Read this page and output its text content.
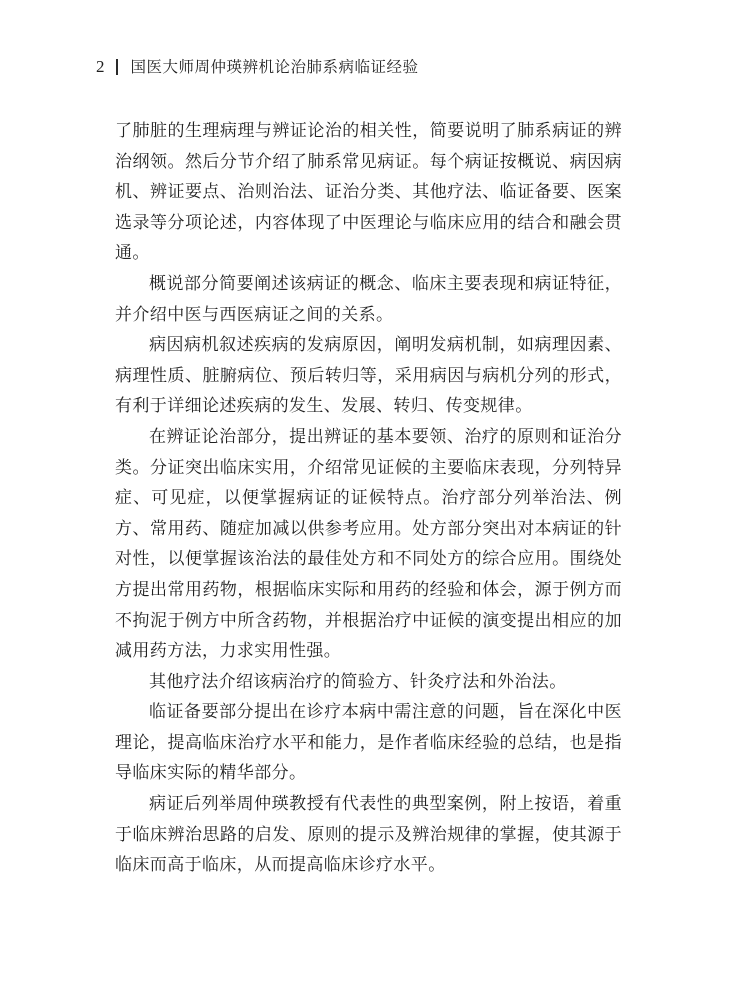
2 国医大师周仲瑛辨机论治肺系病临证经验

了肺脏的生理病理与辨证论治的相关性，简要说明了肺系病证的辨治纲领。然后分节介绍了肺系常见病证。每个病证按概说、病因病机、辨证要点、治则治法、证治分类、其他疗法、临证备要、医案选录等分项论述，内容体现了中医理论与临床应用的结合和融会贯通。

概说部分简要阐述该病证的概念、临床主要表现和病证特征，并介绍中医与西医病证之间的关系。

病因病机叙述疾病的发病原因，阐明发病机制，如病理因素、病理性质、脏腑病位、预后转归等，采用病因与病机分列的形式，有利于详细论述疾病的发生、发展、转归、传变规律。

在辨证论治部分，提出辨证的基本要领、治疗的原则和证治分类。分证突出临床实用，介绍常见证候的主要临床表现，分列特异症、可见症，以便掌握病证的证候特点。治疗部分列举治法、例方、常用药、随症加减以供参考应用。处方部分突出对本病证的针对性，以便掌握该治法的最佳处方和不同处方的综合应用。围绕处方提出常用药物，根据临床实际和用药的经验和体会，源于例方而不拘泥于例方中所含药物，并根据治疗中证候的演变提出相应的加减用药方法，力求实用性强。

其他疗法介绍该病治疗的简验方、针灸疗法和外治法。

临证备要部分提出在诊疗本病中需注意的问题，旨在深化中医理论，提高临床治疗水平和能力，是作者临床经验的总结，也是指导临床实际的精华部分。

病证后列举周仲瑛教授有代表性的典型案例，附上按语，着重于临床辨治思路的启发、原则的提示及辨治规律的掌握，使其源于临床而高于临床，从而提高临床诊疗水平。
